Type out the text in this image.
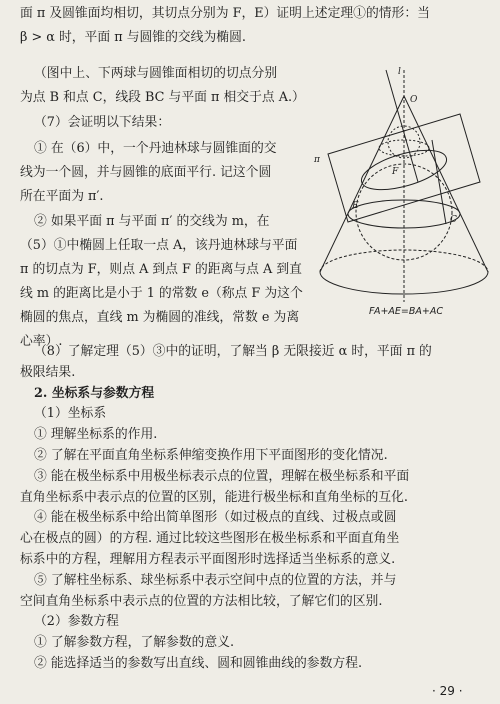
面 π 及圆锥面均相切，其切点分别为 F，E）证明上述定理①的情形：当
β > α 时，平面 π 与圆锥的交线为椭圆.
（图中上、下两球与圆锥面相切的切点分别
为点 B 和点 C，线段 BC 与平面 π 相交于点 A.）
（7）会证明以下结果：
① 在（6）中，一个丹迪林球与圆锥面的交
线为一个圆，并与圆锥的底面平行. 记这个圆
所在平面为 π′.
② 如果平面 π 与平面 π′ 的交线为 m，在
（5）①中椭圆上任取一点 A，该丹迪林球与平面
π 的切点为 F，则点 A 到点 F 的距离与点 A 到直
线 m 的距离比是小于 1 的常数 e（称点 F 为这个
椭圆的焦点，直线 m 为椭圆的准线，常数 e 为离
心率）.
l
O
π
F
C
E
FA+AE=BA+AC
· 29 ·
（8）了解定理（5）③中的证明，了解当 β 无限接近 α 时，平面 π 的
极限结果.
2. 坐标系与参数方程
（1）坐标系
① 理解坐标系的作用.
② 了解在平面直角坐标系伸缩变换作用下平面图形的变化情况.
③ 能在极坐标系中用极坐标表示点的位置，理解在极坐标系和平面
直角坐标系中表示点的位置的区别，能进行极坐标和直角坐标的互化.
④ 能在极坐标系中给出简单图形（如过极点的直线、过极点或圆
心在极点的圆）的方程. 通过比较这些图形在极坐标系和平面直角坐
标系中的方程，理解用方程表示平面图形时选择适当坐标系的意义.
⑤ 了解柱坐标系、球坐标系中表示空间中点的位置的方法，并与
空间直角坐标系中表示点的位置的方法相比较，了解它们的区别.
（2）参数方程
① 了解参数方程，了解参数的意义.
② 能选择适当的参数写出直线、圆和圆锥曲线的参数方程.
